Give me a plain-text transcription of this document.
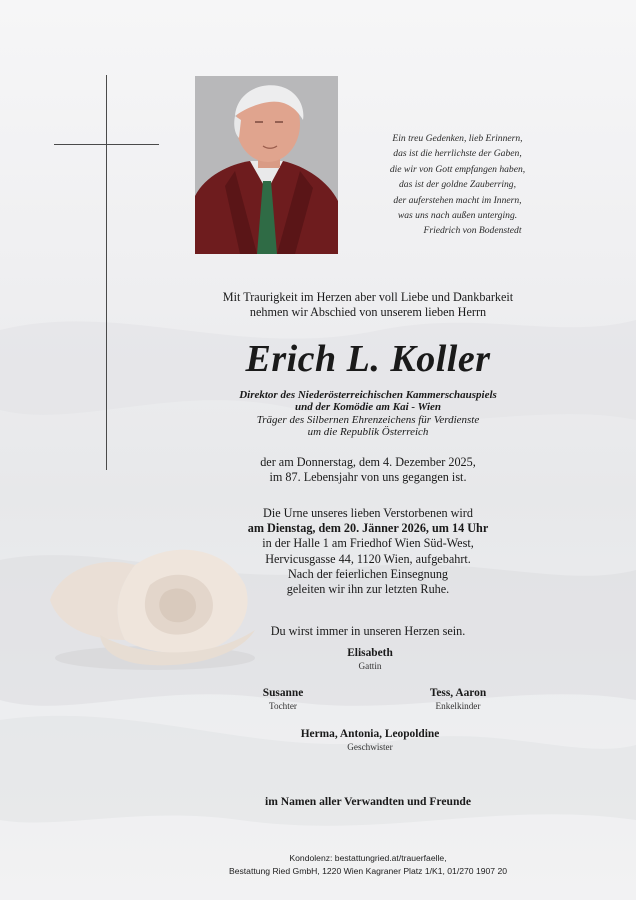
Ein treu Gedenken, lieb Erinnern,
das ist die herrlichste der Gaben,
die wir von Gott empfangen haben,
das ist der goldne Zauberring,
der auferstehen macht im Innern,
was uns nach außen unterging.
Friedrich von Bodenstedt
Mit Traurigkeit im Herzen aber voll Liebe und Dankbarkeit
nehmen wir Abschied von unserem lieben Herrn
Erich L. Koller
Direktor des Niederösterreichischen Kammerschauspiels
und der Komödie am Kai - Wien
Träger des Silbernen Ehrenzeichens für Verdienste
um die Republik Österreich
der am Donnerstag, dem 4. Dezember 2025,
im 87. Lebensjahr von uns gegangen ist.
Die Urne unseres lieben Verstorbenen wird
am Dienstag, dem 20. Jänner 2026, um 14 Uhr
in der Halle 1 am Friedhof Wien Süd-West,
Hervicusgasse 44, 1120 Wien, aufgebahrt.
Nach der feierlichen Einsegnung
geleiten wir ihn zur letzten Ruhe.
Du wirst immer in unseren Herzen sein.
Elisabeth
Gattin
Susanne
Tochter
Tess, Aaron
Enkelkinder
Herma, Antonia, Leopoldine
Geschwister
im Namen aller Verwandten und Freunde
Kondolenz: bestattungried.at/trauerfaelle,
Bestattung Ried GmbH, 1220 Wien Kagraner Platz 1/K1, 01/270 1907 20
